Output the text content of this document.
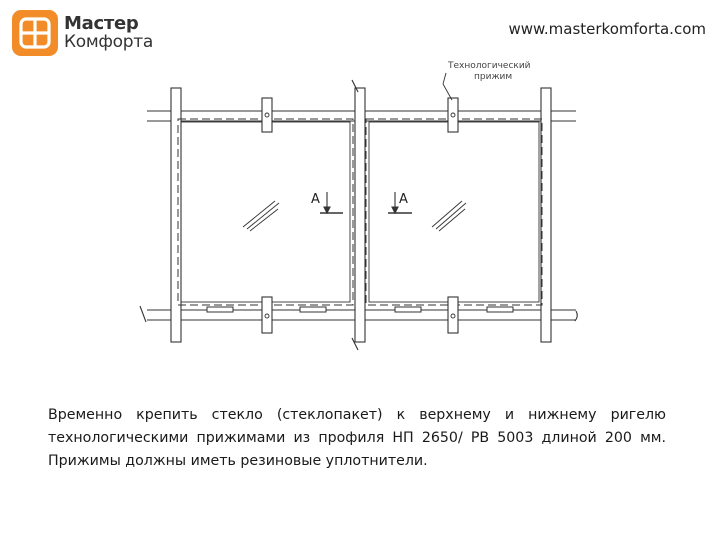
Мастер
Комфорта
www.masterkomforta.com
A	A
Технологический
прижим
Временно крепить стекло (стеклопакет) к верхнему и нижнему ригелю технологическими прижимами из профиля НП 2650/ РВ 5003 длиной 200 мм. Прижимы должны иметь резиновые уплотнители.
